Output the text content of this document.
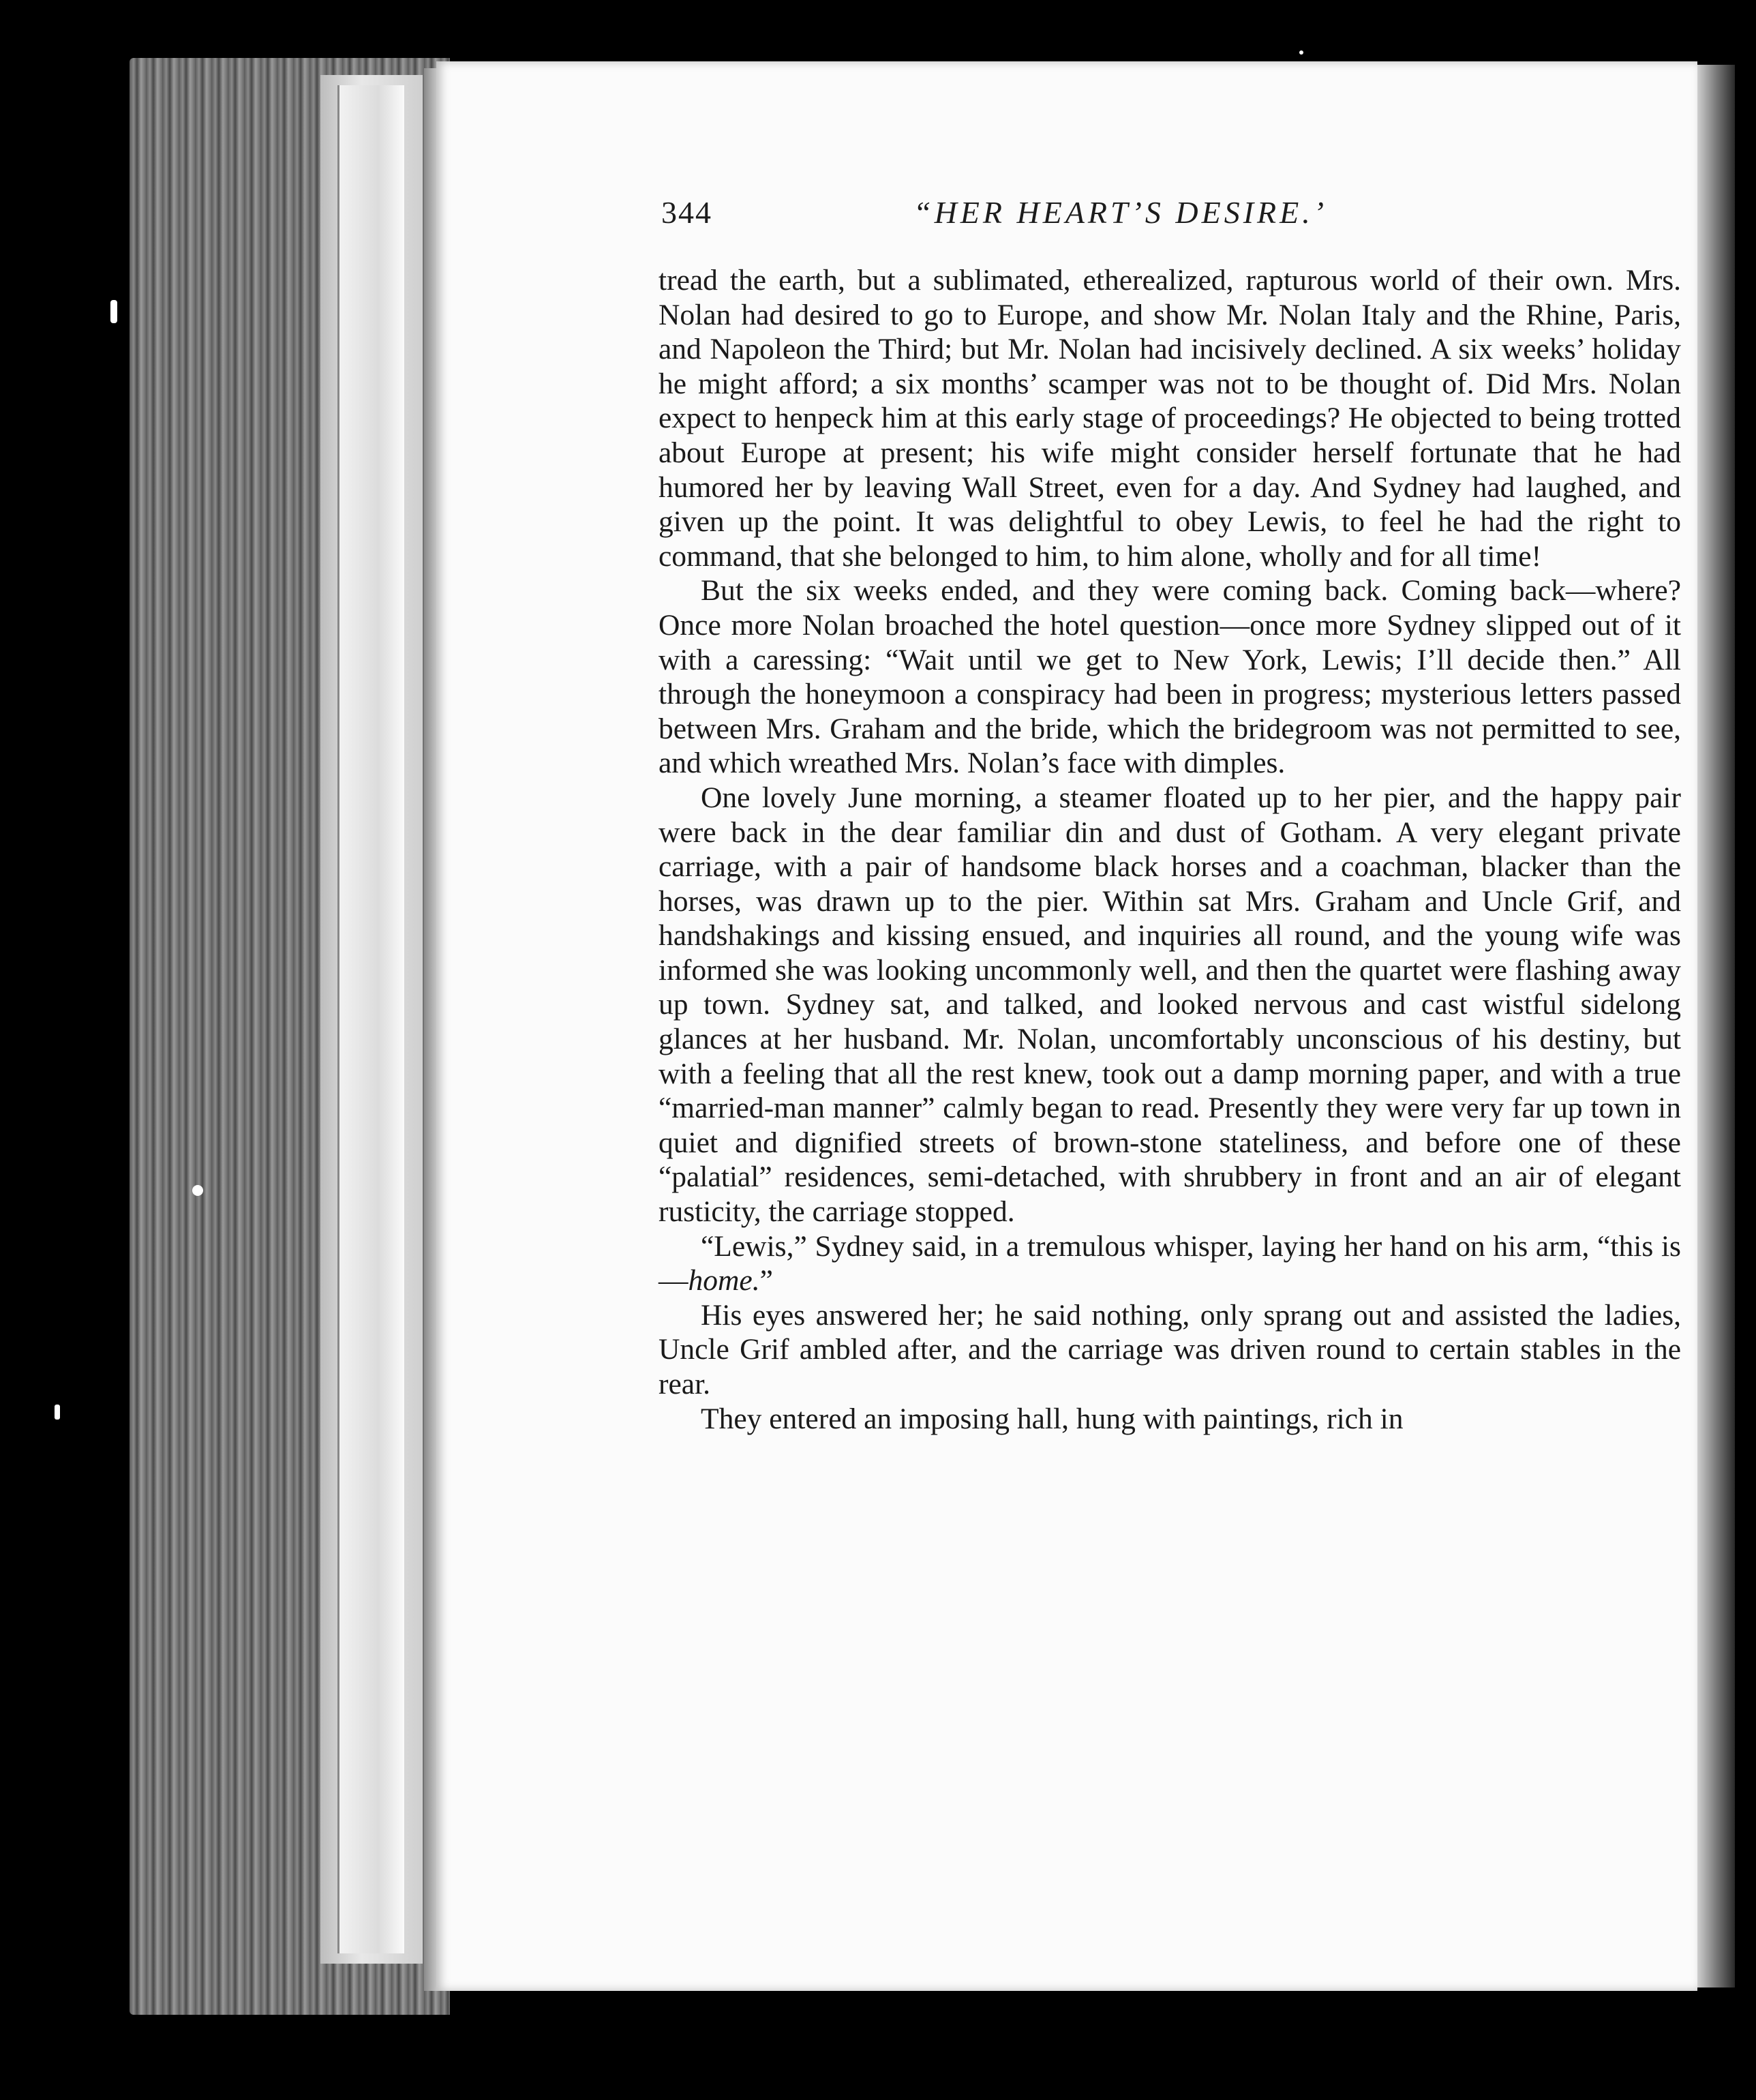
344	“HER HEART’S DESIRE.’

tread the earth, but a sublimated, etherealized, rapturous world of their own. Mrs. Nolan had desired to go to Europe, and show Mr. Nolan Italy and the Rhine, Paris, and Napoleon the Third; but Mr. Nolan had incisively declined. A six weeks’ holiday he might afford; a six months’ scamper was not to be thought of. Did Mrs. Nolan expect to henpeck him at this early stage of proceedings? He objected to being trotted about Europe at present; his wife might consider herself fortunate that he had humored her by leaving Wall Street, even for a day. And Sydney had laughed, and given up the point. It was delightful to obey Lewis, to feel he had the right to command, that she belonged to him, to him alone, wholly and for all time!

But the six weeks ended, and they were coming back. Coming back—where? Once more Nolan broached the hotel question—once more Sydney slipped out of it with a caressing: “Wait until we get to New York, Lewis; I’ll decide then.” All through the honeymoon a conspiracy had been in progress; mysterious letters passed between Mrs. Graham and the bride, which the bridegroom was not permitted to see, and which wreathed Mrs. Nolan’s face with dimples.

One lovely June morning, a steamer floated up to her pier, and the happy pair were back in the dear familiar din and dust of Gotham. A very elegant private carriage, with a pair of handsome black horses and a coachman, blacker than the horses, was drawn up to the pier. Within sat Mrs. Graham and Uncle Grif, and handshakings and kissing ensued, and inquiries all round, and the young wife was informed she was looking uncommonly well, and then the quartet were flashing away up town. Sydney sat, and talked, and looked nervous and cast wistful sidelong glances at her husband. Mr. Nolan, uncomfortably unconscious of his destiny, but with a feeling that all the rest knew, took out a damp morning paper, and with a true “married-man manner” calmly began to read. Presently they were very far up town in quiet and dignified streets of brown-stone stateliness, and before one of these “palatial” residences, semi-detached, with shrubbery in front and an air of elegant rusticity, the carriage stopped.

“Lewis,” Sydney said, in a tremulous whisper, laying her hand on his arm, “this is—home.”

His eyes answered her; he said nothing, only sprang out and assisted the ladies, Uncle Grif ambled after, and the carriage was driven round to certain stables in the rear.

They entered an imposing hall, hung with paintings, rich in
